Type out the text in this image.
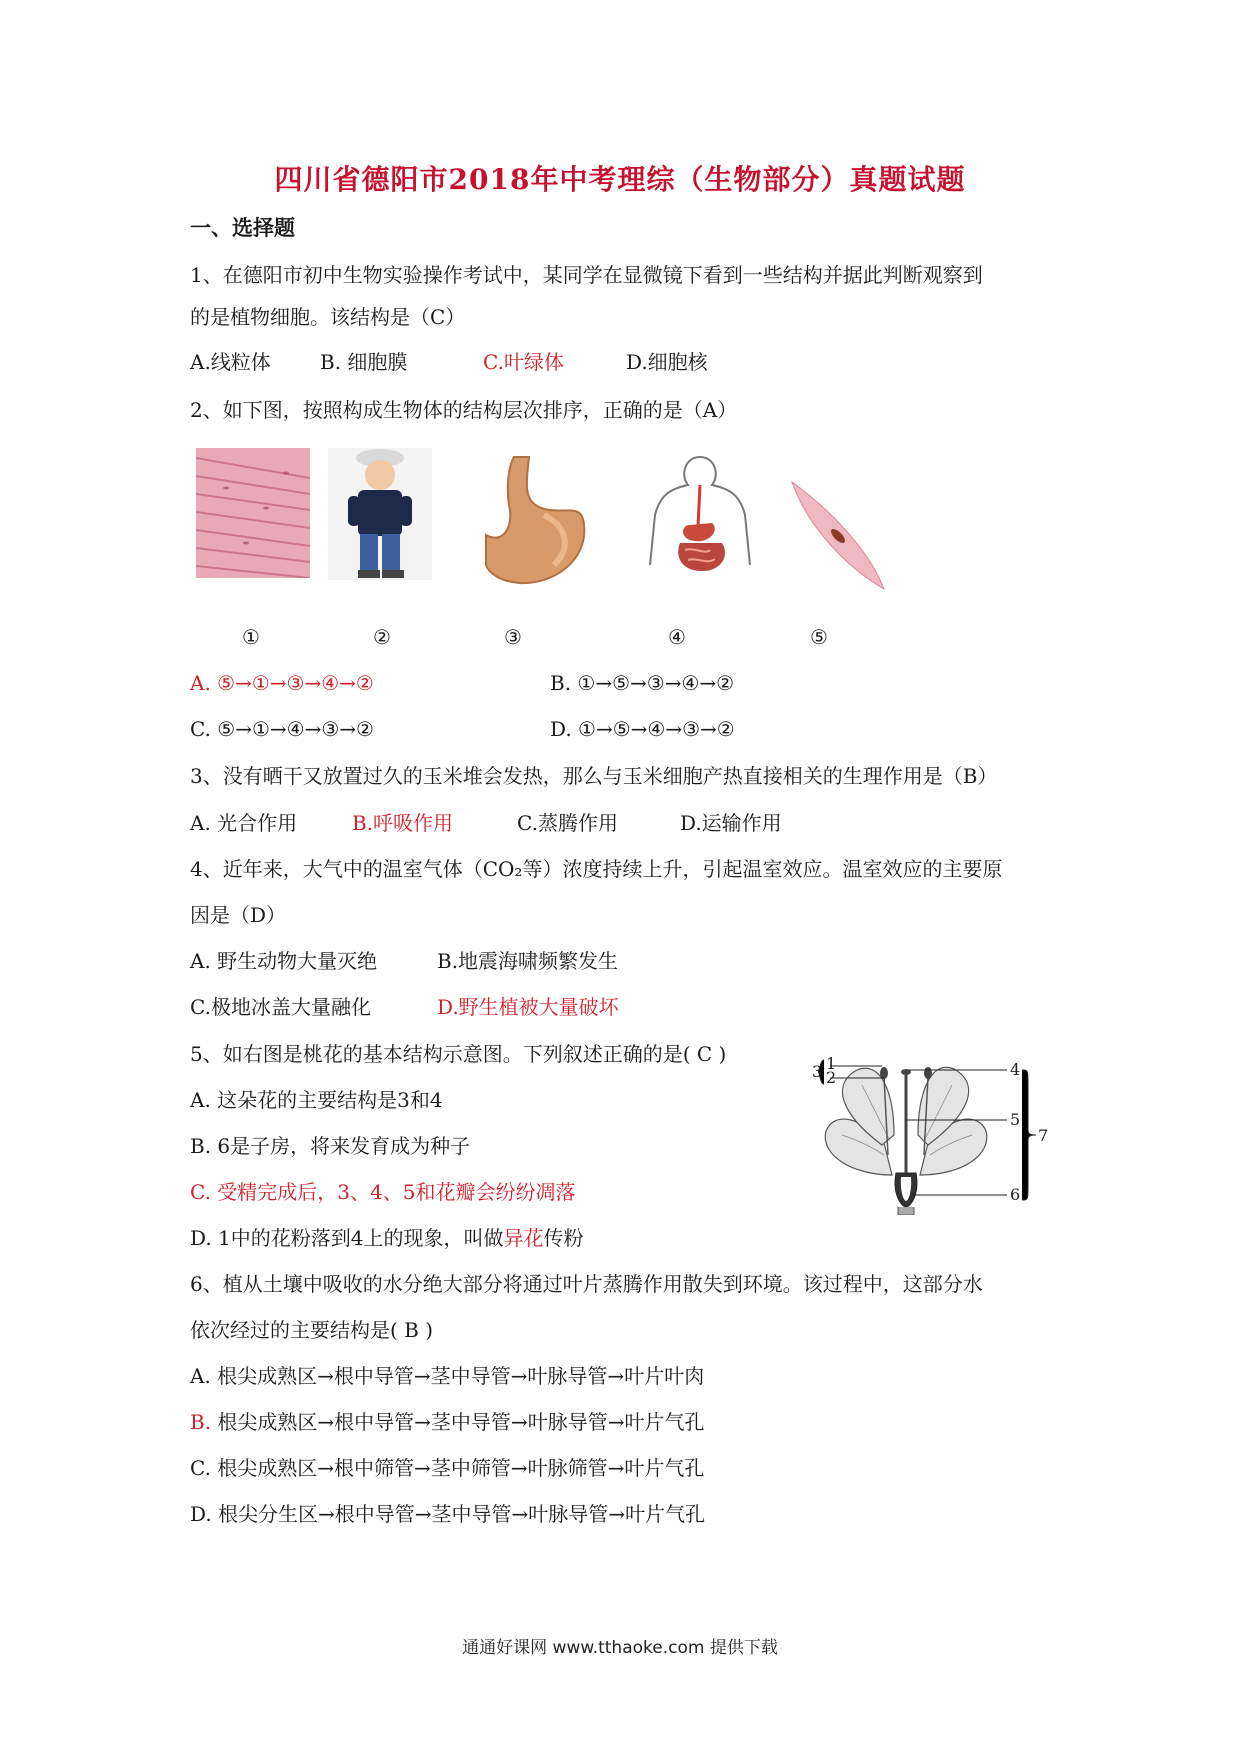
四川省德阳市2018年中考理综（生物部分）真题试题
一、选择题
1、在德阳市初中生物实验操作考试中，某同学在显微镜下看到一些结构并据此判断观察到
的是植物细胞。该结构是（C）
A.线粒体 B. 细胞膜	C.叶绿体	D.细胞核
2、如下图，按照构成生物体的结构层次排序，正确的是（A）
①	②	③	④	⑤
A. ⑤→①→③→④→②	B. ①→⑤→③→④→②
C. ⑤→①→④→③→②	D. ①→⑤→④→③→②
3、没有晒干又放置过久的玉米堆会发热，那么与玉米细胞产热直接相关的生理作用是（B）
A. 光合作用	B.呼吸作用	C.蒸腾作用	D.运输作用
4、近年来，大气中的温室气体（CO₂等）浓度持续上升，引起温室效应。温室效应的主要原
因是（D）
A. 野生动物大量灭绝	B.地震海啸频繁发生
C.极地冰盖大量融化	D.野生植被大量破坏
5、如右图是桃花的基本结构示意图。下列叙述正确的是( C )
A. 这朵花的主要结构是3和4
B. 6是子房，将来发育成为种子
C. 受精完成后，3、4、5和花瓣会纷纷凋落
D. 1中的花粉落到4上的现象，叫做异花传粉
3 1
2	4
5
6
7
6、植从土壤中吸收的水分绝大部分将通过叶片蒸腾作用散失到环境。该过程中，这部分水
依次经过的主要结构是( B )
A. 根尖成熟区→根中导管→茎中导管→叶脉导管→叶片叶肉
B. 根尖成熟区→根中导管→茎中导管→叶脉导管→叶片气孔
C. 根尖成熟区→根中筛管→茎中筛管→叶脉筛管→叶片气孔
D. 根尖分生区→根中导管→茎中导管→叶脉导管→叶片气孔
通通好课网 www.tthaoke.com 提供下载
